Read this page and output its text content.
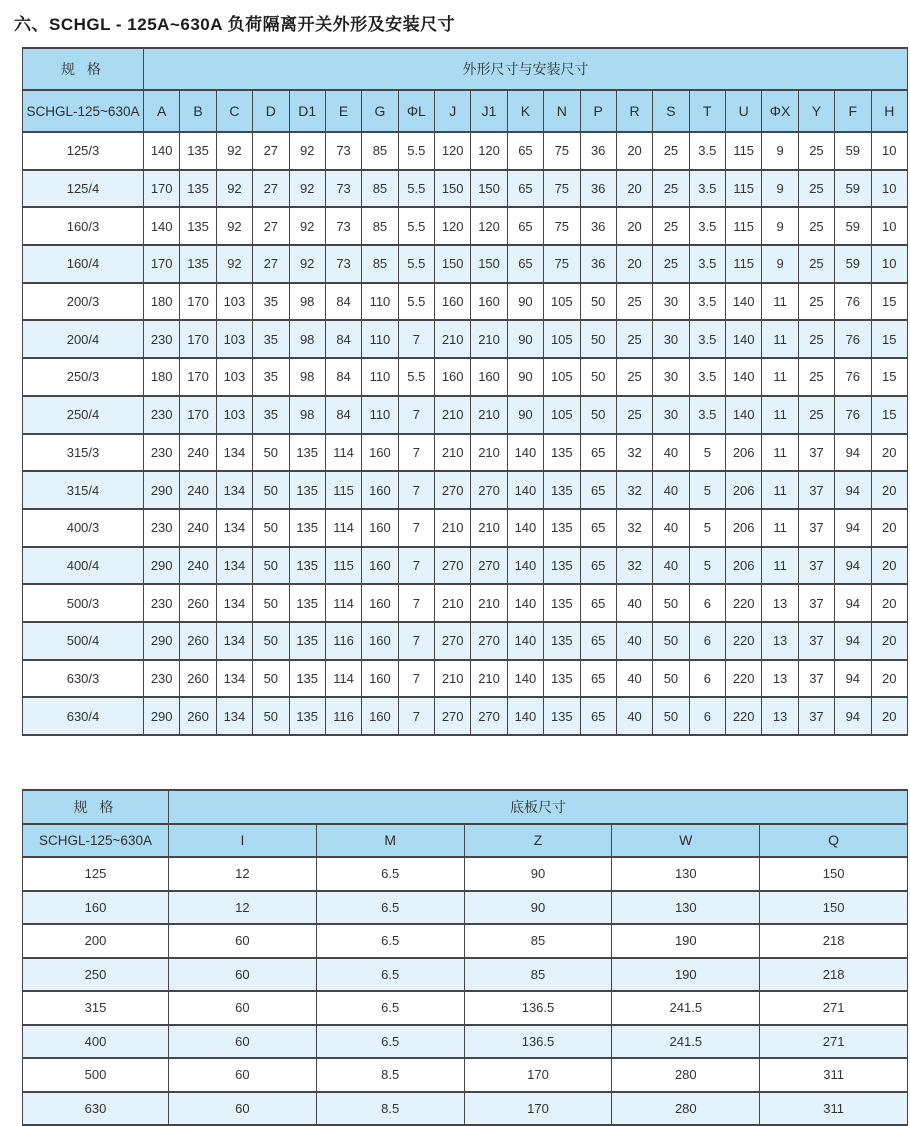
六、SCHGL - 125A~630A 负荷隔离开关外形及安装尺寸
规 格	外形尺寸与安装尺寸																				
SCHGL-125~630A	A	B	C	D	D1	E	G	ΦL	J	J1	K	N	P	R	S	T	U	ΦX	Y	F	H
125/3	140	135	92	27	92	73	85	5.5	120	120	65	75	36	20	25	3.5	115	9	25	59	10
125/4	170	135	92	27	92	73	85	5.5	150	150	65	75	36	20	25	3.5	115	9	25	59	10
160/3	140	135	92	27	92	73	85	5.5	120	120	65	75	36	20	25	3.5	115	9	25	59	10
160/4	170	135	92	27	92	73	85	5.5	150	150	65	75	36	20	25	3.5	115	9	25	59	10
200/3	180	170	103	35	98	84	110	5.5	160	160	90	105	50	25	30	3.5	140	11	25	76	15
200/4	230	170	103	35	98	84	110	7	210	210	90	105	50	25	30	3.5	140	11	25	76	15
250/3	180	170	103	35	98	84	110	5.5	160	160	90	105	50	25	30	3.5	140	11	25	76	15
250/4	230	170	103	35	98	84	110	7	210	210	90	105	50	25	30	3.5	140	11	25	76	15
315/3	230	240	134	50	135	114	160	7	210	210	140	135	65	32	40	5	206	11	37	94	20
315/4	290	240	134	50	135	115	160	7	270	270	140	135	65	32	40	5	206	11	37	94	20
400/3	230	240	134	50	135	114	160	7	210	210	140	135	65	32	40	5	206	11	37	94	20
400/4	290	240	134	50	135	115	160	7	270	270	140	135	65	32	40	5	206	11	37	94	20
500/3	230	260	134	50	135	114	160	7	210	210	140	135	65	40	50	6	220	13	37	94	20
500/4	290	260	134	50	135	116	160	7	270	270	140	135	65	40	50	6	220	13	37	94	20
630/3	230	260	134	50	135	114	160	7	210	210	140	135	65	40	50	6	220	13	37	94	20
630/4	290	260	134	50	135	116	160	7	270	270	140	135	65	40	50	6	220	13	37	94	20
规 格	底板尺寸				
SCHGL-125~630A	I	M	Z	W	Q
125	12	6.5	90	130	150
160	12	6.5	90	130	150
200	60	6.5	85	190	218
250	60	6.5	85	190	218
315	60	6.5	136.5	241.5	271
400	60	6.5	136.5	241.5	271
500	60	8.5	170	280	311
630	60	8.5	170	280	311
